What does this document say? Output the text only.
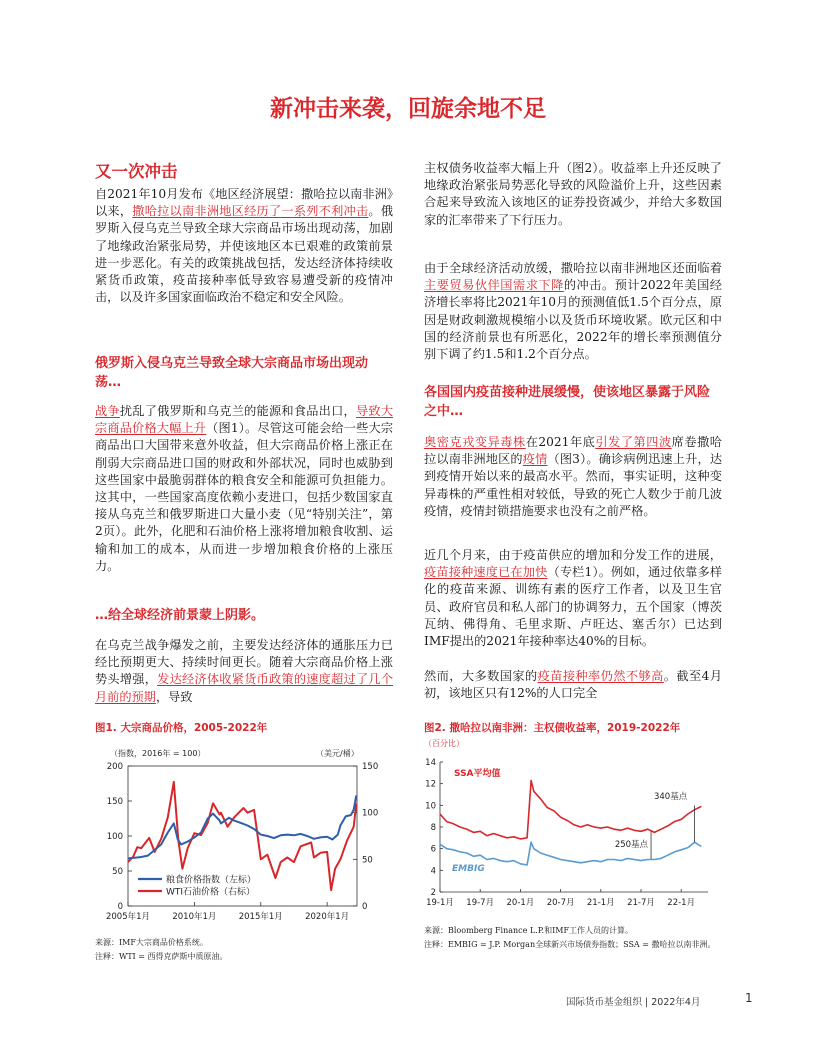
新冲击来袭，回旋余地不足
又一次冲击
自2021年10月发布《地区经济展望：撒哈拉以南非洲》以来，撒哈拉以南非洲地区经历了一系列不利冲击。俄罗斯入侵乌克兰导致全球大宗商品市场出现动荡，加剧了地缘政治紧张局势，并使该地区本已艰难的政策前景进一步恶化。有关的政策挑战包括，发达经济体持续收紧货币政策，疫苗接种率低导致容易遭受新的疫情冲击，以及许多国家面临政治不稳定和安全风险。
俄罗斯入侵乌克兰导致全球大宗商品市场出现动荡…
战争扰乱了俄罗斯和乌克兰的能源和食品出口，导致大宗商品价格大幅上升（图1）。尽管这可能会给一些大宗商品出口大国带来意外收益，但大宗商品价格上涨正在削弱大宗商品进口国的财政和外部状况，同时也威胁到这些国家中最脆弱群体的粮食安全和能源可负担能力。这其中，一些国家高度依赖小麦进口，包括少数国家直接从乌克兰和俄罗斯进口大量小麦（见“特别关注”，第2页）。此外，化肥和石油价格上涨将增加粮食收割、运输和加工的成本，从而进一步增加粮食价格的上涨压力。
…给全球经济前景蒙上阴影。
在乌克兰战争爆发之前，主要发达经济体的通胀压力已经比预期更大、持续时间更长。随着大宗商品价格上涨势头增强，发达经济体收紧货币政策的速度超过了几个月前的预期，导致
主权债务收益率大幅上升（图2）。收益率上升还反映了地缘政治紧张局势恶化导致的风险溢价上升，这些因素合起来导致流入该地区的证券投资减少，并给大多数国家的汇率带来了下行压力。
由于全球经济活动放缓，撒哈拉以南非洲地区还面临着主要贸易伙伴国需求下降的冲击。预计2022年美国经济增长率将比2021年10月的预测值低1.5个百分点，原因是财政刺激规模缩小以及货币环境收紧。欧元区和中国的经济前景也有所恶化，2022年的增长率预测值分别下调了约1.5和1.2个百分点。
各国国内疫苗接种进展缓慢，使该地区暴露于风险之中…
奥密克戎变异毒株在2021年底引发了第四波席卷撒哈拉以南非洲地区的疫情（图3）。确诊病例迅速上升，达到疫情开始以来的最高水平。然而，事实证明，这种变异毒株的严重性相对较低，导致的死亡人数少于前几波疫情，疫情封锁措施要求也没有之前严格。
近几个月来，由于疫苗供应的增加和分发工作的进展，疫苗接种速度已在加快（专栏1）。例如，通过依靠多样化的疫苗来源、训练有素的医疗工作者，以及卫生官员、政府官员和私人部门的协调努力，五个国家（博茨瓦纳、佛得角、毛里求斯、卢旺达、塞舌尔）已达到IMF提出的2021年接种率达40%的目标。
然而，大多数国家的疫苗接种率仍然不够高。截至4月初，该地区只有12%的人口完全
图1. 大宗商品价格，2005-2022年
（指数，2016年 = 100）	（美元/桶）
0
50
100
150
200
0
50
100
150
2005年1月	2010年1月	2015年1月	2020年1月
粮食价格指数（左标）
WTI石油价格（右标）
来源：IMF大宗商品价格系统。
注释：WTI = 西得克萨斯中质原油。
图2. 撒哈拉以南非洲：主权债收益率，2019-2022年
（百分比）
2
4
6
8
10
12
14
19-1月 19-7月 20-1月 20-7月 21-1月 21-7月 22-1月
SSA平均值
EMBIG
340基点
250基点
来源：Bloomberg Finance L.P.和IMF工作人员的计算。
注释：EMBIG = J.P. Morgan全球新兴市场债券指数；SSA = 撒哈拉以南非洲。
国际货币基金组织 | 2022年4月	1
